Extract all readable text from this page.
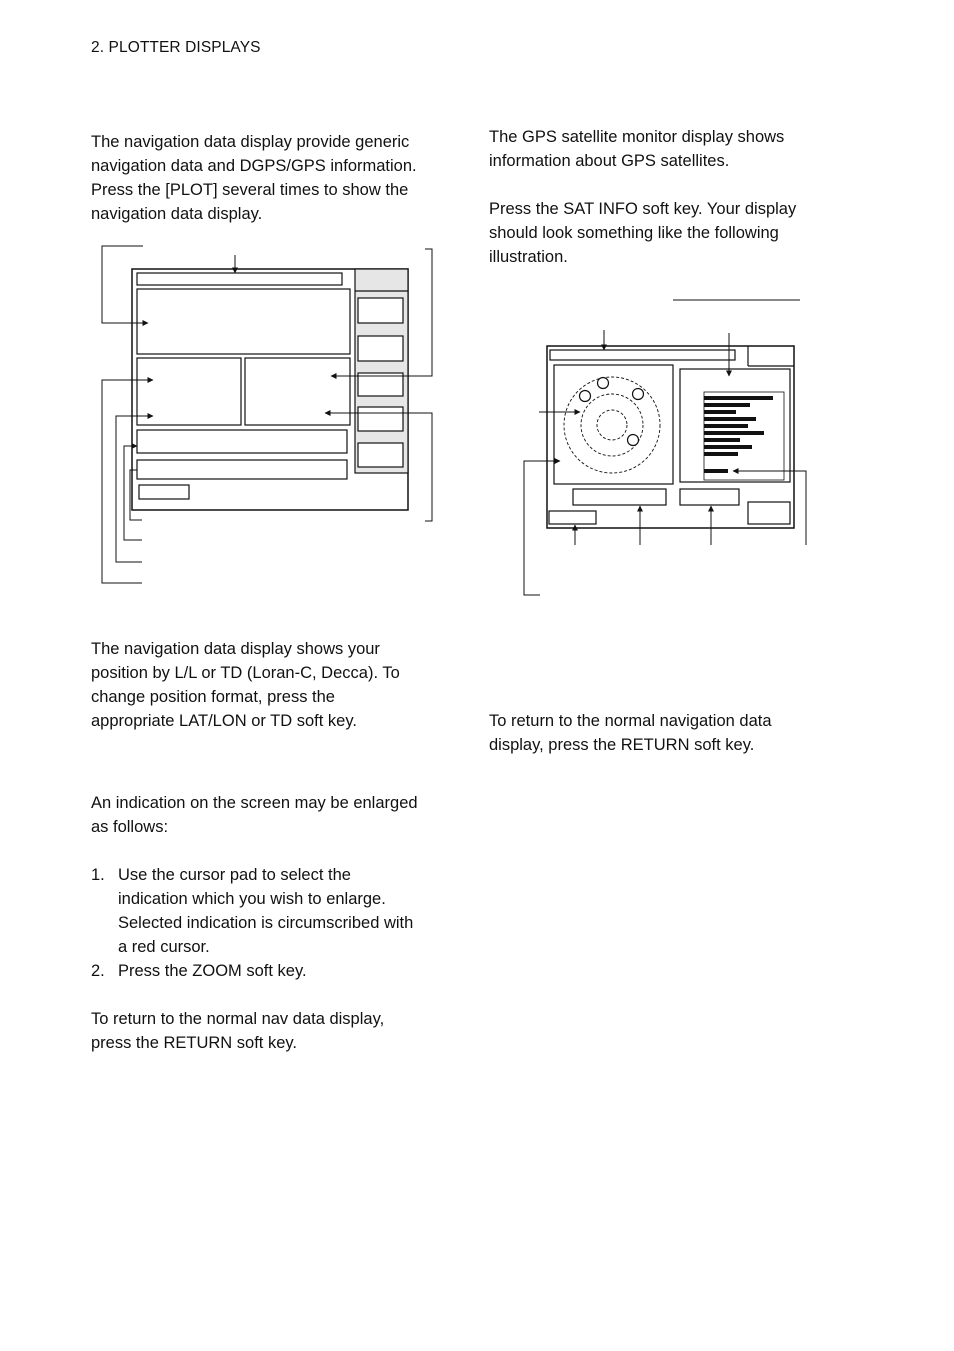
2. PLOTTER DISPLAYS
The navigation data display provide generic
navigation data and DGPS/GPS information.
Press the [PLOT] several times to show the
navigation data display.
The navigation data display shows your
position by L/L or TD (Loran-C, Decca). To
change position format, press the
appropriate LAT/LON or TD soft key.
An indication on the screen may be enlarged
as follows:
1. Use the cursor pad to select the
indication which you wish to enlarge.
Selected indication is circumscribed with
a red cursor.
2. Press the ZOOM soft key.
To return to the normal nav data display,
press the RETURN soft key.
The GPS satellite monitor display shows
information about GPS satellites.
Press the SAT INFO soft key. Your display
should look something like the following
illustration.
To return to the normal navigation data
display, press the RETURN soft key.
